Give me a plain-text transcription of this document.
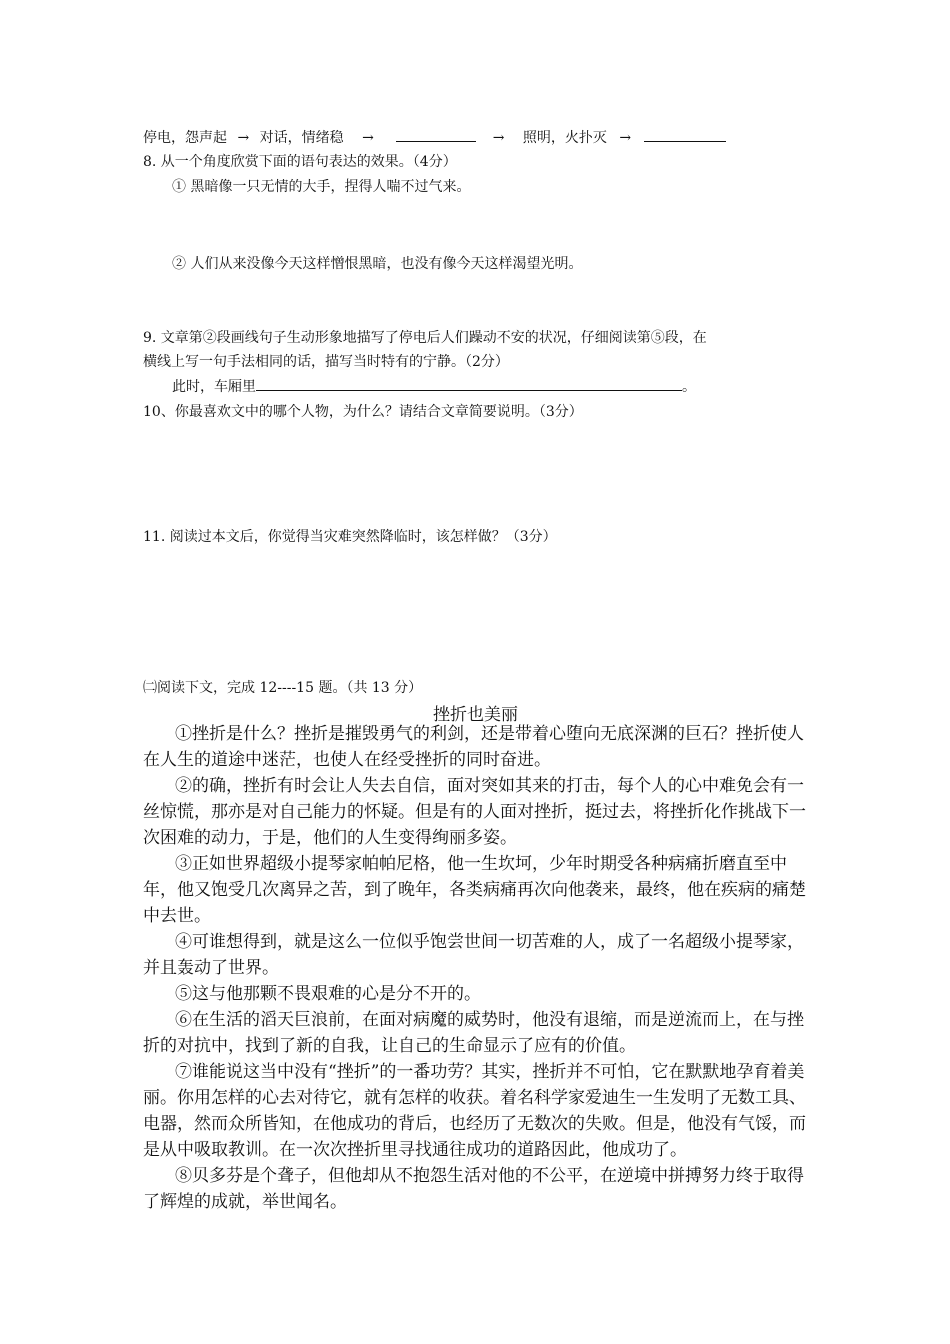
停电，怨声起 → 对话，情绪稳 →	→ 照明，火扑灭 →
8. 从一个角度欣赏下面的语句表达的效果。（4分）
① 黑暗像一只无情的大手，捏得人喘不过气来。
② 人们从来没像今天这样憎恨黑暗，也没有像今天这样渴望光明。
9. 文章第②段画线句子生动形象地描写了停电后人们躁动不安的状况，仔细阅读第⑤段，在
横线上写一句手法相同的话，描写当时特有的宁静。（2分）
此时，车厢里	。
10、你最喜欢文中的哪个人物，为什么？请结合文章简要说明。（3分）
11. 阅读过本文后，你觉得当灾难突然降临时，该怎样做？（3分）
㈡阅读下文，完成 12----15 题。（共 13 分）
挫折也美丽

①挫折是什么？挫折是摧毁勇气的利剑，还是带着心堕向无底深渊的巨石？挫折使人在人生的道途中迷茫，也使人在经受挫折的同时奋进。

②的确，挫折有时会让人失去自信，面对突如其来的打击，每个人的心中难免会有一丝惊慌，那亦是对自己能力的怀疑。但是有的人面对挫折，挺过去，将挫折化作挑战下一次困难的动力，于是，他们的人生变得绚丽多姿。

③正如世界超级小提琴家帕帕尼格，他一生坎坷，少年时期受各种病痛折磨直至中年，他又饱受几次离异之苦，到了晚年，各类病痛再次向他袭来，最终，他在疾病的痛楚中去世。

④可谁想得到，就是这么一位似乎饱尝世间一切苦难的人，成了一名超级小提琴家，并且轰动了世界。

⑤这与他那颗不畏艰难的心是分不开的。

⑥在生活的滔天巨浪前，在面对病魔的威势时，他没有退缩，而是逆流而上，在与挫折的对抗中，找到了新的自我，让自己的生命显示了应有的价值。

⑦谁能说这当中没有“挫折”的一番功劳？其实，挫折并不可怕，它在默默地孕育着美丽。你用怎样的心去对待它，就有怎样的收获。着名科学家爱迪生一生发明了无数工具、电器，然而众所皆知，在他成功的背后，也经历了无数次的失败。但是，他没有气馁，而是从中吸取教训。在一次次挫折里寻找通往成功的道路因此，他成功了。

⑧贝多芬是个聋子，但他却从不抱怨生活对他的不公平，在逆境中拼搏努力终于取得了辉煌的成就，举世闻名。
